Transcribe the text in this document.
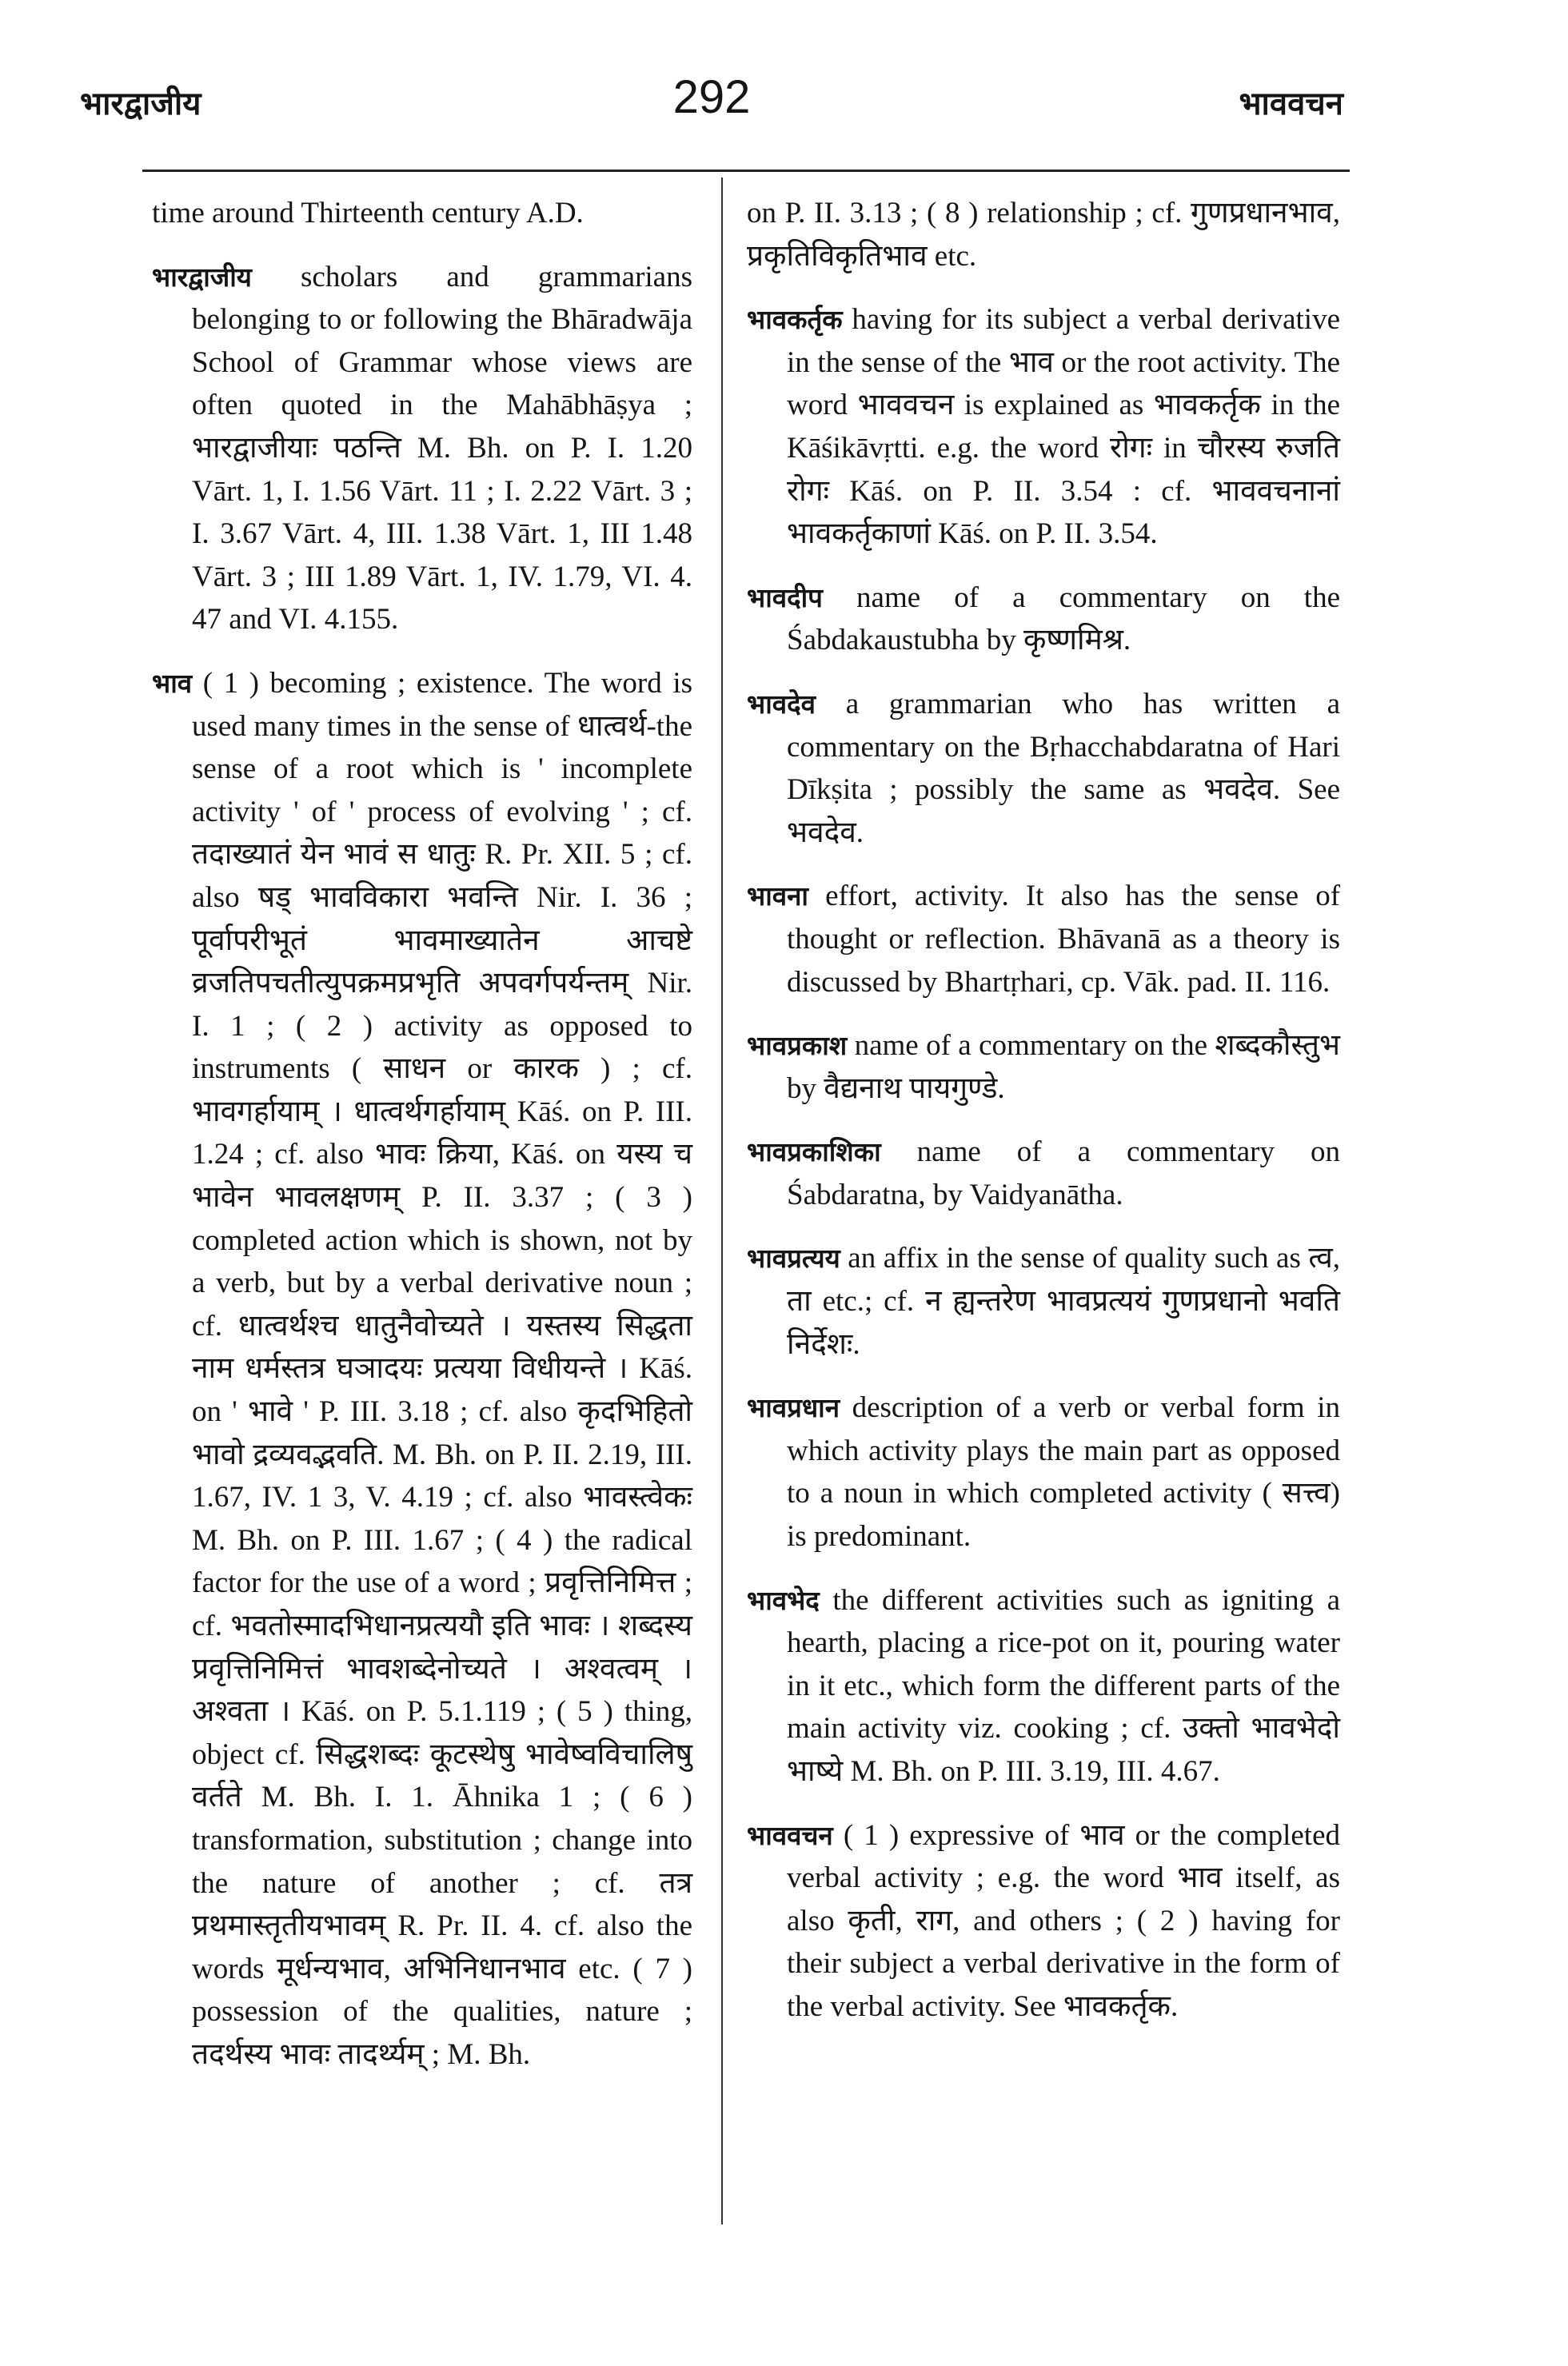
भारद्वाजीय	292	भाववचन
time around Thirteenth century A.D.
भारद्वाजीय scholars and grammarians belonging to or following the Bhāradwāja School of Grammar whose views are often quoted in the Mahābhāṣya ; भारद्वाजीयाः पठन्ति M. Bh. on P. I. 1.20 Vārt. 1, I. 1.56 Vārt. 11 ; I. 2.22 Vārt. 3 ; I. 3.67 Vārt. 4, III. 1.38 Vārt. 1, III 1.48 Vārt. 3 ; III 1.89 Vārt. 1, IV. 1.79, VI. 4. 47 and VI. 4.155.
भाव ( 1 ) becoming ; existence. The word is used many times in the sense of धात्वर्थ-the sense of a root which is ' incomplete activity ' of ' process of evolving ' ; cf. तदाख्यातं येन भावं स धातुः R. Pr. XII. 5 ; cf. also षड् भावविकारा भवन्ति Nir. I. 36 ; पूर्वापरीभूतं भावमाख्यातेन आचष्टे व्रजतिपचतीत्युपक्रमप्रभृति अपवर्गपर्यन्तम् Nir. I. 1 ; ( 2 ) activity as opposed to instruments ( साधन or कारक ) ; cf. भावगर्हायाम् । धात्वर्थगर्हायाम् Kāś. on P. III. 1.24 ; cf. also भावः क्रिया, Kāś. on यस्य च भावेन भावलक्षणम् P. II. 3.37 ; ( 3 ) completed action which is shown, not by a verb, but by a verbal derivative noun ; cf. धात्वर्थश्च धातुनैवोच्यते । यस्तस्य सिद्धता नाम धर्मस्तत्र घञादयः प्रत्यया विधीयन्ते । Kāś. on ' भावे ' P. III. 3.18 ; cf. also कृदभिहितो भावो द्रव्यवद्भवति. M. Bh. on P. II. 2.19, III. 1.67, IV. 1 3, V. 4.19 ; cf. also भावस्त्वेकः M. Bh. on P. III. 1.67 ; ( 4 ) the radical factor for the use of a word ; प्रवृत्तिनिमित्त ; cf. भवतोस्मादभिधानप्रत्ययौ इति भावः । शब्दस्य प्रवृत्तिनिमित्तं भावशब्देनोच्यते । अश्वत्वम् । अश्वता । Kāś. on P. 5.1.119 ; ( 5 ) thing, object cf. सिद्धशब्दः कूटस्थेषु भावेष्वविचालिषु वर्तते M. Bh. I. 1. Āhnika 1 ; ( 6 ) transformation, substitution ; change into the nature of another ; cf. तत्र प्रथमास्तृतीयभावम् R. Pr. II. 4. cf. also the words मूर्धन्यभाव, अभिनिधानभाव etc. ( 7 ) possession of the qualities, nature ; तदर्थस्य भावः तादर्थ्यम् ; M. Bh.
on P. II. 3.13 ; ( 8 ) relationship ; cf. गुणप्रधानभाव, प्रकृतिविकृतिभाव etc.
भावकर्तृक having for its subject a verbal derivative in the sense of the भाव or the root activity. The word भाववचन is explained as भावकर्तृक in the Kāśikāvṛtti. e.g. the word रोगः in चौरस्य रुजति रोगः Kāś. on P. II. 3.54 : cf. भाववचनानां भावकर्तृकाणां Kāś. on P. II. 3.54.
भावदीप name of a commentary on the Śabdakaustubha by कृष्णमिश्र.
भावदेव a grammarian who has written a commentary on the Bṛhacchabdaratna of Hari Dīkṣita ; possibly the same as भवदेव. See भवदेव.
भावना effort, activity. It also has the sense of thought or reflection. Bhāvanā as a theory is discussed by Bhartṛhari, cp. Vāk. pad. II. 116.
भावप्रकाश name of a commentary on the शब्दकौस्तुभ by वैद्यनाथ पायगुण्डे.
भावप्रकाशिका name of a commentary on Śabdaratna, by Vaidyanātha.
भावप्रत्यय an affix in the sense of quality such as त्व, ता etc.; cf. न ह्यन्तरेण भावप्रत्ययं गुणप्रधानो भवति निर्देशः.
भावप्रधान description of a verb or verbal form in which activity plays the main part as opposed to a noun in which completed activity ( सत्त्व) is predominant.
भावभेद the different activities such as igniting a hearth, placing a rice-pot on it, pouring water in it etc., which form the different parts of the main activity viz. cooking ; cf. उक्तो भावभेदो भाष्ये M. Bh. on P. III. 3.19, III. 4.67.
भाववचन ( 1 ) expressive of भाव or the completed verbal activity ; e.g. the word भाव itself, as also कृती, राग, and others ; ( 2 ) having for their subject a verbal derivative in the form of the verbal activity. See भावकर्तृक.
